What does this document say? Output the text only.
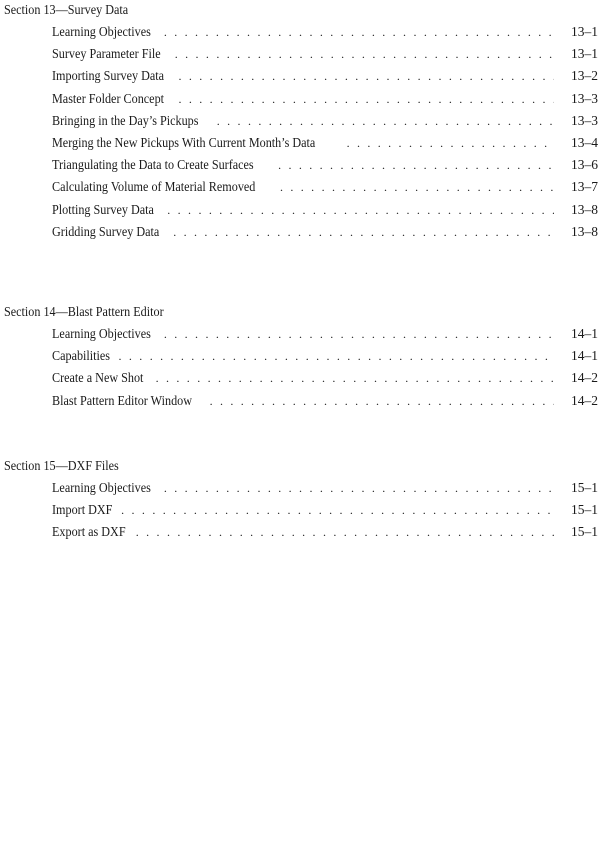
Section 13—Survey Data
Learning Objectives . . .	13–1
Survey Parameter File . . .	13–1
Importing Survey Data . . .	13–2
Master Folder Concept . . .	13–3
Bringing in the Day’s Pickups . . .	13–3
Merging the New Pickups With Current Month’s Data . . .	13–4
Triangulating the Data to Create Surfaces . . .	13–6
Calculating Volume of Material Removed . . .	13–7
Plotting Survey Data . . .	13–8
Gridding Survey Data . . .	13–8
Section 14—Blast Pattern Editor
Learning Objectives . . .	14–1
Capabilities . . .	14–1
Create a New Shot . . .	14–2
Blast Pattern Editor Window . . .	14–2
Section 15—DXF Files
Learning Objectives . . .	15–1
Import DXF . . .	15–1
Export as DXF . . .	15–1
